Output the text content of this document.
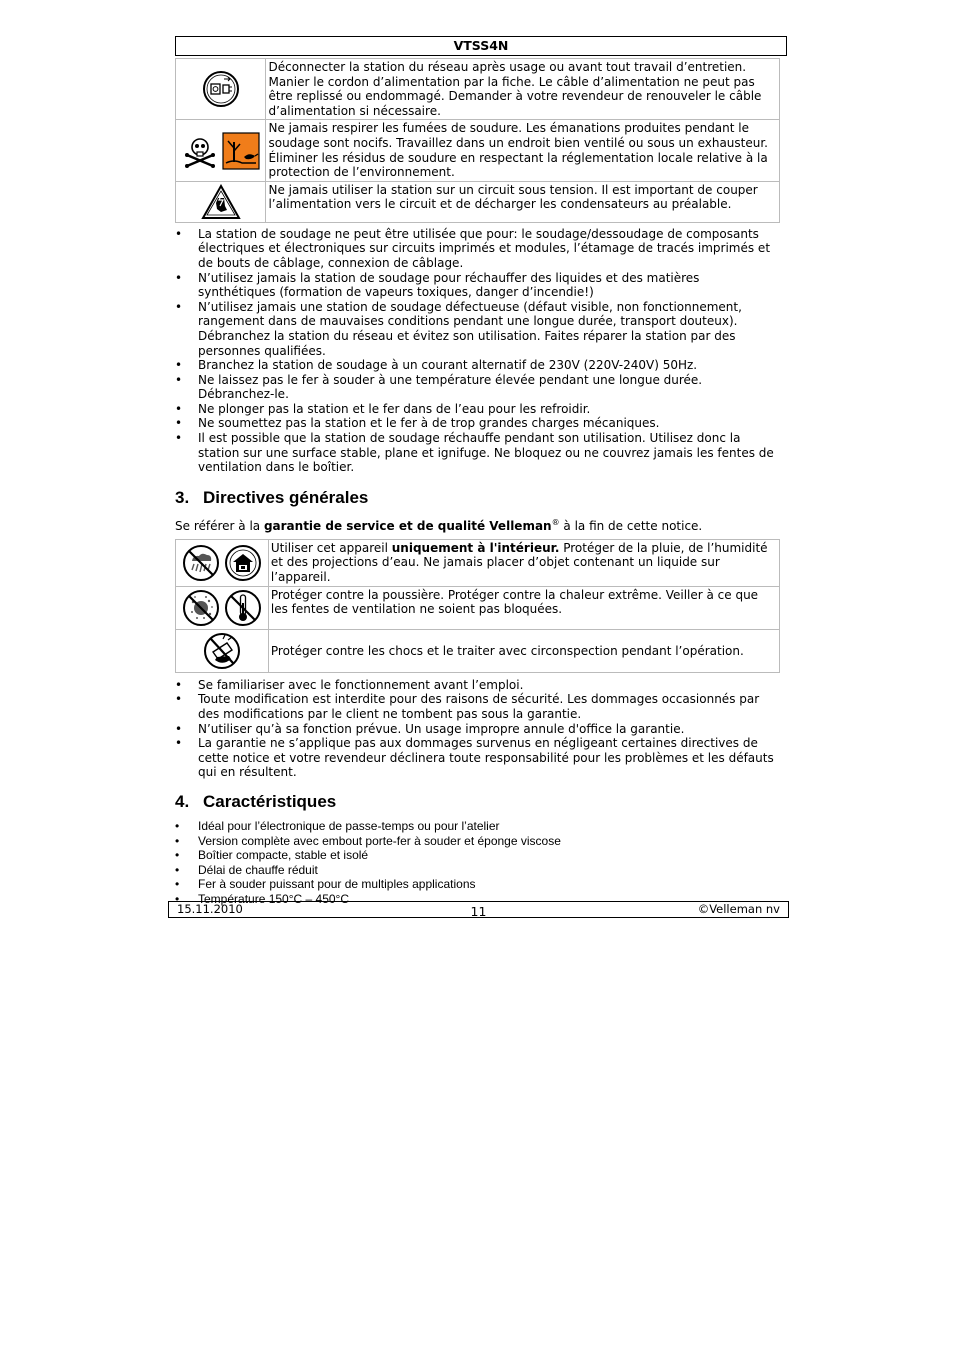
VTSS4N
	Déconnecter la station du réseau après usage ou avant tout travail d’entretien. Manier le cordon d’alimentation par la fiche. Le câble d’alimentation ne peut pas être replissé ou endommagé. Demander à votre revendeur de renouveler le câble d’alimentation si nécessaire.
	Ne jamais respirer les fumées de soudure. Les émanations produites pendant le soudage sont nocifs. Travaillez dans un endroit bien ventilé ou sous un exhausteur. Éliminer les résidus de soudure en respectant la réglementation locale relative à la protection de l’environnement.
	Ne jamais utiliser la station sur un circuit sous tension. Il est important de couper l’alimentation vers le circuit et de décharger les condensateurs au préalable.
• La station de soudage ne peut être utilisée que pour: le soudage/dessoudage de composants électriques et électroniques sur circuits imprimés et modules, l’étamage de tracés imprimés et de bouts de câblage, connexion de câblage.
• N’utilisez jamais la station de soudage pour réchauffer des liquides et des matières synthétiques (formation de vapeurs toxiques, danger d’incendie!)
• N’utilisez jamais une station de soudage défectueuse (défaut visible, non fonctionnement, rangement dans de mauvaises conditions pendant une longue durée, transport douteux). Débranchez la station du réseau et évitez son utilisation. Faites réparer la station par des personnes qualifiées.
• Branchez la station de soudage à un courant alternatif de 230V (220V-240V) 50Hz.
• Ne laissez pas le fer à souder à une température élevée pendant une longue durée. Débranchez-le.
• Ne plonger pas la station et le fer dans de l’eau pour les refroidir.
• Ne soumettez pas la station et le fer à de trop grandes charges mécaniques.
• Il est possible que la station de soudage réchauffe pendant son utilisation. Utilisez donc la station sur une surface stable, plane et ignifuge. Ne bloquez ou ne couvrez jamais les fentes de ventilation dans le boîtier.
3. Directives générales

Se référer à la garantie de service et de qualité Velleman® à la fin de cette notice.

	Utiliser cet appareil uniquement à l'intérieur. Protéger de la pluie, de l’humidité et des projections d’eau. Ne jamais placer d’objet contenant un liquide sur l’appareil.
	Protéger contre la poussière. Protéger contre la chaleur extrême. Veiller à ce que les fentes de ventilation ne soient pas bloquées.
	Protéger contre les chocs et le traiter avec circonspection pendant l’opération.
• Se familiariser avec le fonctionnement avant l’emploi.
• Toute modification est interdite pour des raisons de sécurité. Les dommages occasionnés par des modifications par le client ne tombent pas sous la garantie.
• N’utiliser qu’à sa fonction prévue. Un usage impropre annule d'office la garantie.
• La garantie ne s’applique pas aux dommages survenus en négligeant certaines directives de cette notice et votre revendeur déclinera toute responsabilité pour les problèmes et les défauts qui en résultent.
4. Caractéristiques
• Idéal pour l’électronique de passe-temps ou pour l’atelier
• Version complète avec embout porte-fer à souder et éponge viscose
• Boîtier compacte, stable et isolé
• Délai de chauffe réduit
• Fer à souder puissant pour de multiples applications
• Température 150°C – 450°C
15.11.2010	11	©Velleman nv
